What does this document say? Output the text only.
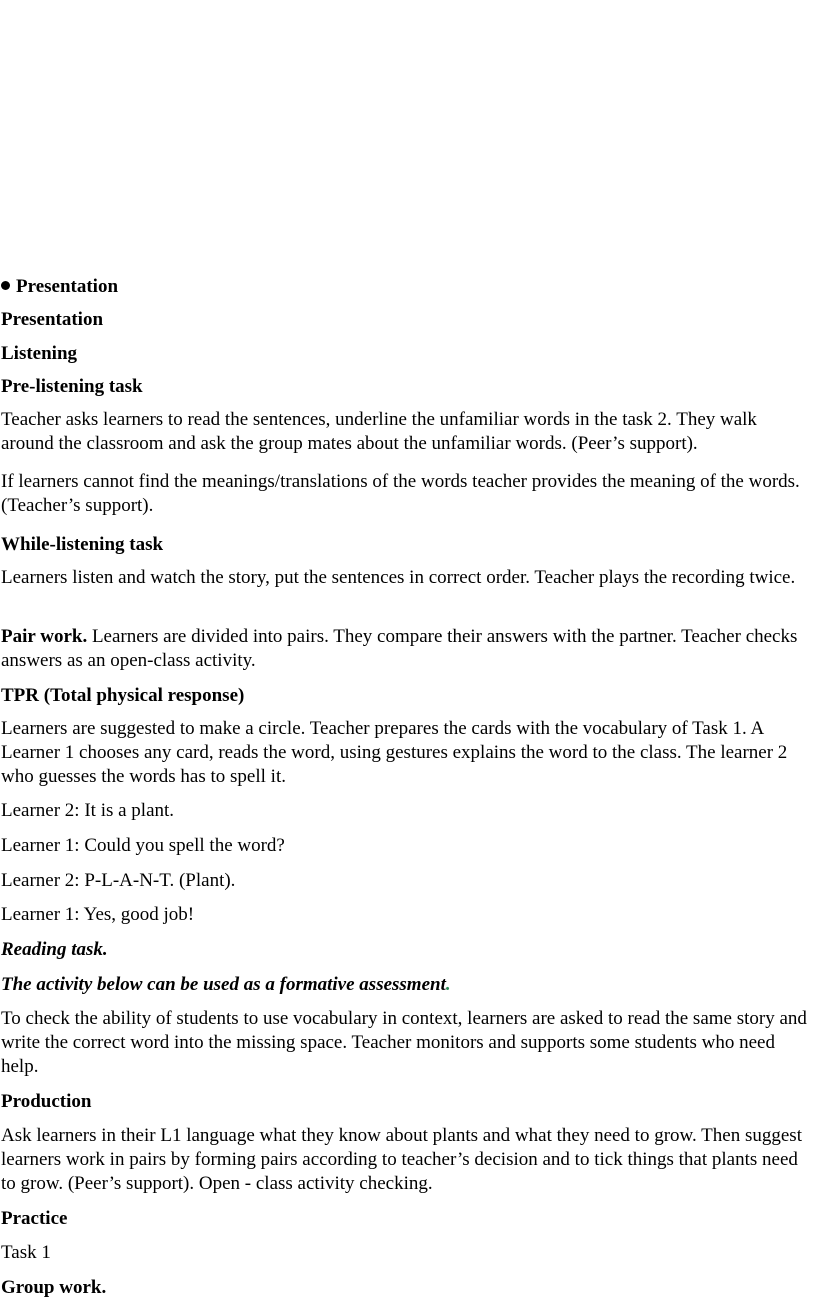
Presentation

Presentation

Listening

Pre-listening task

Teacher asks learners to read the sentences, underline the unfamiliar words in the task 2. They walk around the classroom and ask the group mates about the unfamiliar words. (Peer’s support).

If learners cannot find the meanings/translations of the words teacher provides the meaning of the words. (Teacher’s support).

While-listening task

Learners listen and watch the story, put the sentences in correct order. Teacher plays the recording twice.

Pair work. Learners are divided into pairs. They compare their answers with the partner. Teacher checks answers as an open-class activity.

TPR (Total physical response)

Learners are suggested to make a circle. Teacher prepares the cards with the vocabulary of Task 1. A Learner 1 chooses any card, reads the word, using gestures explains the word to the class. The learner 2 who guesses the words has to spell it.

Learner 2: It is a plant.

Learner 1: Could you spell the word?

Learner 2: P-L-A-N-T. (Plant).

Learner 1: Yes, good job!

Reading task.

The activity below can be used as a formative assessment.

To check the ability of students to use vocabulary in context, learners are asked to read the same story and write the correct word into the missing space. Teacher monitors and supports some students who need help.

Production

Ask learners in their L1 language what they know about plants and what they need to grow. Then suggest learners work in pairs by forming pairs according to teacher’s decision and to tick things that plants need to grow. (Peer’s support). Open - class activity checking.

Practice

Task 1

Group work.
